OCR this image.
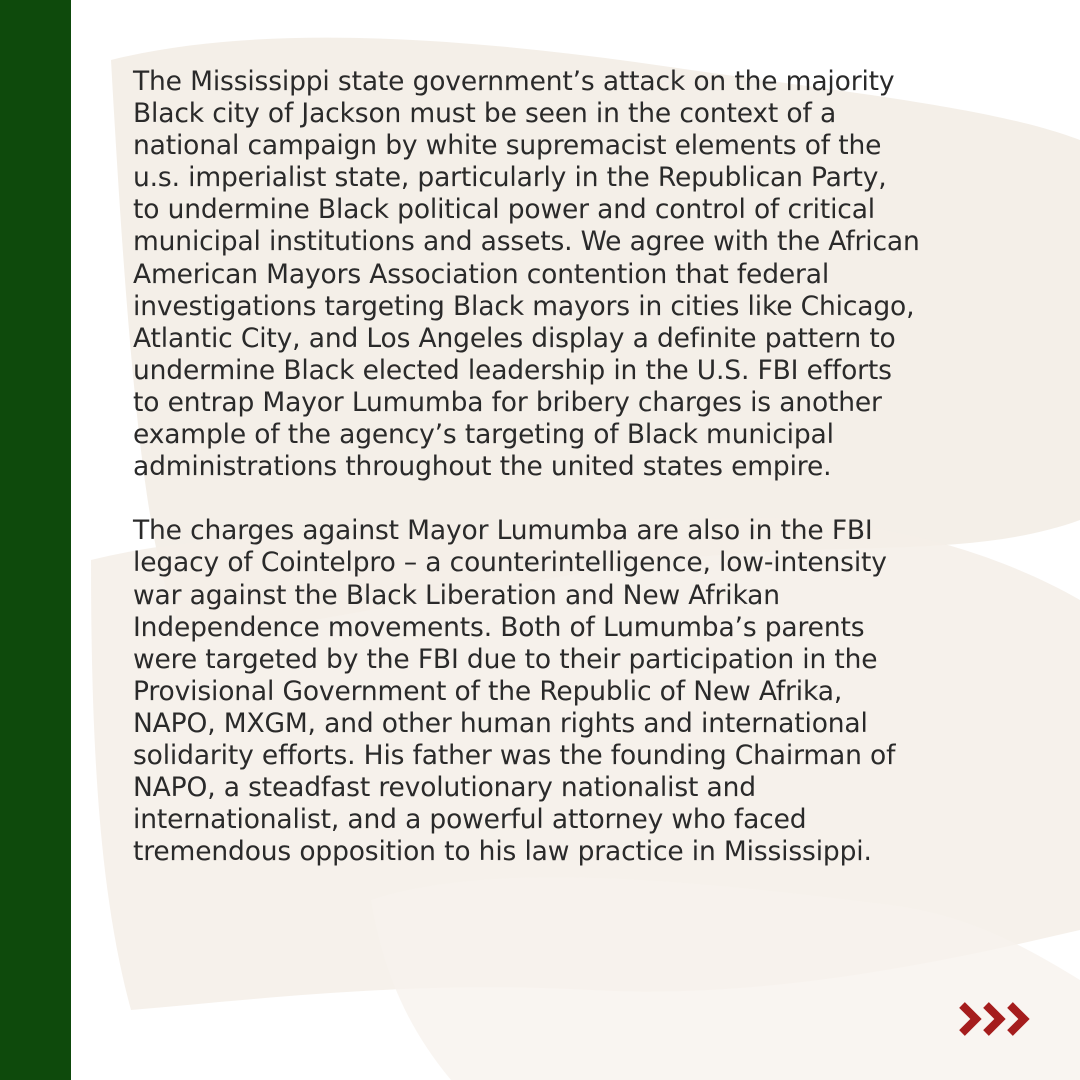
The Mississippi state government’s attack on the majority
Black city of Jackson must be seen in the context of a
national campaign by white supremacist elements of the
u.s. imperialist state, particularly in the Republican Party,
to undermine Black political power and control of critical
municipal institutions and assets. We agree with the African
American Mayors Association contention that federal
investigations targeting Black mayors in cities like Chicago,
Atlantic City, and Los Angeles display a definite pattern to
undermine Black elected leadership in the U.S. FBI efforts
to entrap Mayor Lumumba for bribery charges is another
example of the agency’s targeting of Black municipal
administrations throughout the united states empire.

The charges against Mayor Lumumba are also in the FBI
legacy of Cointelpro – a counterintelligence, low-intensity
war against the Black Liberation and New Afrikan
Independence movements. Both of Lumumba’s parents
were targeted by the FBI due to their participation in the
Provisional Government of the Republic of New Afrika,
NAPO, MXGM, and other human rights and international
solidarity efforts. His father was the founding Chairman of
NAPO, a steadfast revolutionary nationalist and
internationalist, and a powerful attorney who faced
tremendous opposition to his law practice in Mississippi.
